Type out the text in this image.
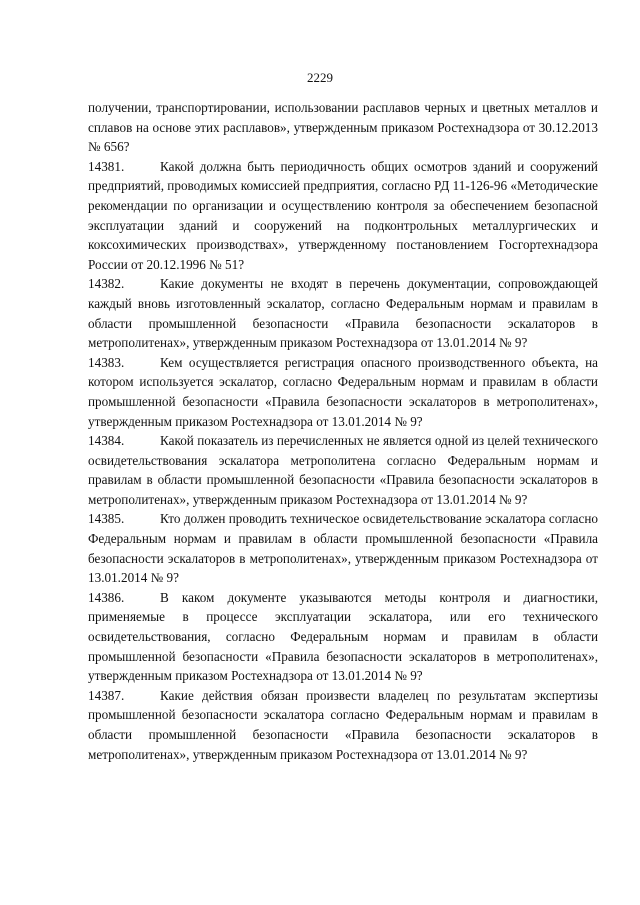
2229

получении, транспортировании, использовании расплавов черных и цветных металлов и сплавов на основе этих расплавов», утвержденным приказом Ростехнадзора от 30.12.2013 № 656?

14381.	Какой должна быть периодичность общих осмотров зданий и сооружений предприятий, проводимых комиссией предприятия, согласно РД 11-126-96 «Методические рекомендации по организации и осуществлению контроля за обеспечением безопасной эксплуатации зданий и сооружений на подконтрольных металлургических и коксохимических производствах», утвержденному постановлением Госгортехнадзора России от 20.12.1996 № 51?

14382.	Какие документы не входят в перечень документации, сопровождающей каждый вновь изготовленный эскалатор, согласно Федеральным нормам и правилам в области промышленной безопасности «Правила безопасности эскалаторов в метрополитенах», утвержденным приказом Ростехнадзора от 13.01.2014 № 9?

14383.	Кем осуществляется регистрация опасного производственного объекта, на котором используется эскалатор, согласно Федеральным нормам и правилам в области промышленной безопасности «Правила безопасности эскалаторов в метрополитенах», утвержденным приказом Ростехнадзора от 13.01.2014 № 9?

14384.	Какой показатель из перечисленных не является одной из целей технического освидетельствования эскалатора метрополитена согласно Федеральным нормам и правилам в области промышленной безопасности «Правила безопасности эскалаторов в метрополитенах», утвержденным приказом Ростехнадзора от 13.01.2014 № 9?

14385.	Кто должен проводить техническое освидетельствование эскалатора согласно Федеральным нормам и правилам в области промышленной безопасности «Правила безопасности эскалаторов в метрополитенах», утвержденным приказом Ростехнадзора от 13.01.2014 № 9?

14386.	В каком документе указываются методы контроля и диагностики, применяемые в процессе эксплуатации эскалатора, или его технического освидетельствования, согласно Федеральным нормам и правилам в области промышленной безопасности «Правила безопасности эскалаторов в метрополитенах», утвержденным приказом Ростехнадзора от 13.01.2014 № 9?

14387.	Какие действия обязан произвести владелец по результатам экспертизы промышленной безопасности эскалатора согласно Федеральным нормам и правилам в области промышленной безопасности «Правила безопасности эскалаторов в метрополитенах», утвержденным приказом Ростехнадзора от 13.01.2014 № 9?
